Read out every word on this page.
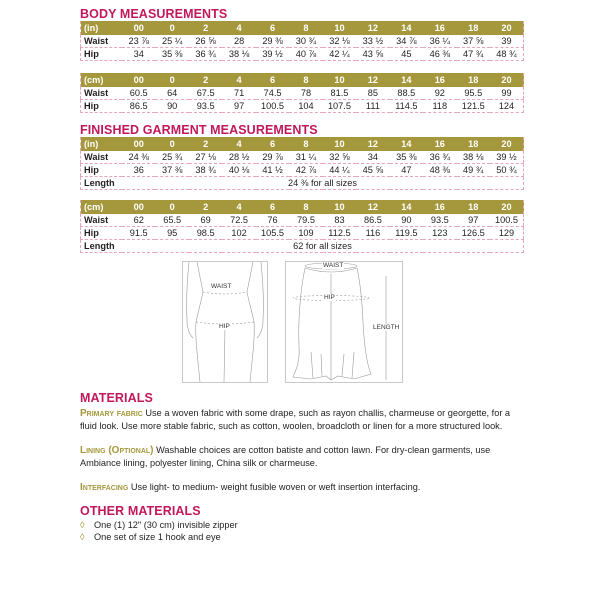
BODY MEASUREMENTS
(in)	00	0	2	4	6	8	10	12	14	16	18	20
Waist	23 ⅞	25 ¼	26 ⅝	28	29 ⅜	30 ¾	32 ⅛	33 ½	34 ⅞	36 ¼	37 ⅝	39
Hip	34	35 ⅜	36 ¾	38 ⅛	39 ½	40 ⅞	42 ¼	43 ⅝	45	46 ⅜	47 ¾	48 ¾
(cm)	00	0	2	4	6	8	10	12	14	16	18	20
Waist	60.5	64	67.5	71	74.5	78	81.5	85	88.5	92	95.5	99
Hip	86.5	90	93.5	97	100.5	104	107.5	111	114.5	118	121.5	124
FINISHED GARMENT MEASUREMENTS
(in)	00	0	2	4	6	8	10	12	14	16	18	20
Waist	24 ⅜	25 ¾	27 ⅛	28 ½	29 ⅞	31 ¼	32 ⅝	34	35 ⅜	36 ¾	38 ⅛	39 ½
Hip	36	37 ⅜	38 ¾	40 ⅛	41 ½	42 ⅞	44 ¼	45 ⅝	47	48 ⅜	49 ¾	50 ¾
Length	24 ⅜ for all sizes											
(cm)	00	0	2	4	6	8	10	12	14	16	18	20
Waist	62	65.5	69	72.5	76	79.5	83	86.5	90	93.5	97	100.5
Hip	91.5	95	98.5	102	105.5	109	112.5	116	119.5	123	126.5	129
Length	62 for all sizes											
WAIST
HIP
WAIST
HIP
LENGTH
MATERIALS

Primary fabric Use a woven fabric with some drape, such as rayon challis, charmeuse or georgette, for a fluid look. Use more stable fabric, such as cotton, woolen, broadcloth or linen for a more structured look.

Lining (Optional) Washable choices are cotton batiste and cotton lawn. For dry-clean garments, use Ambiance lining, polyester lining, China silk or charmeuse.

Interfacing Use light- to medium- weight fusible woven or weft insertion interfacing.

OTHER MATERIALS
◊ One (1) 12" (30 cm) invisible zipper
◊ One set of size 1 hook and eye
